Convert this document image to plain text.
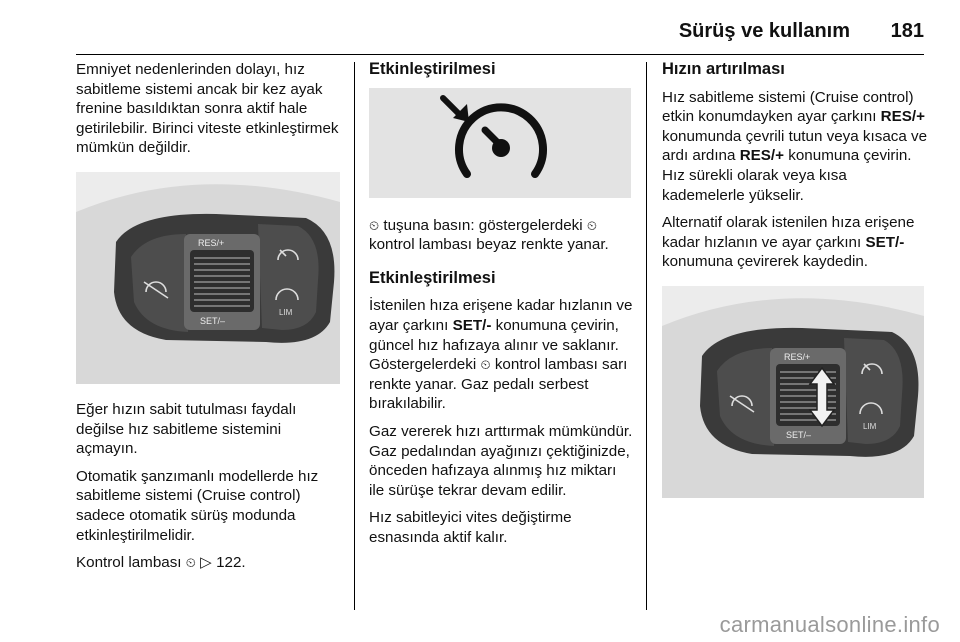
Sürüş ve kullanım 181

Emniyet nedenlerinden dolayı, hız sabitleme sistemi ancak bir kez ayak frenine basıldıktan sonra aktif hale getirilebilir. Birinci viteste etkinleştirmek mümkün değildir.

RES/+
SET/–
LIM

Eğer hızın sabit tutulması faydalı değilse hız sabitleme sistemini açmayın.

Otomatik şanzımanlı modellerde hız sabitleme sistemi (Cruise control) sadece otomatik sürüş modunda etkinleştirilmelidir.

Kontrol lambası ⏲ ▷ 122.

Etkinleştirilmesi

⏲ tuşuna basın: göstergelerdeki ⏲ kontrol lambası beyaz renkte yanar.

Etkinleştirilmesi

İstenilen hıza erişene kadar hızlanın ve ayar çarkını SET/- konumuna çevirin, güncel hız hafızaya alınır ve saklanır. Göstergelerdeki ⏲ kontrol lambası sarı renkte yanar. Gaz pedalı serbest bırakılabilir.

Gaz vererek hızı arttırmak mümkündür. Gaz pedalından ayağınızı çektiğinizde, önceden hafızaya alınmış hız miktarı ile sürüşe tekrar devam edilir.

Hız sabitleyici vites değiştirme esnasında aktif kalır.

Hızın artırılması

Hız sabitleme sistemi (Cruise control) etkin konumdayken ayar çarkını RES/+ konumunda çevrili tutun veya kısaca ve ardı ardına RES/+ konumuna çevirin. Hız sürekli olarak veya kısa kademelerle yükselir.

Alternatif olarak istenilen hıza erişene kadar hızlanın ve ayar çarkını SET/- konumuna çevirerek kaydedin.

RES/+
SET/–
LIM
carmanualsonline.info
